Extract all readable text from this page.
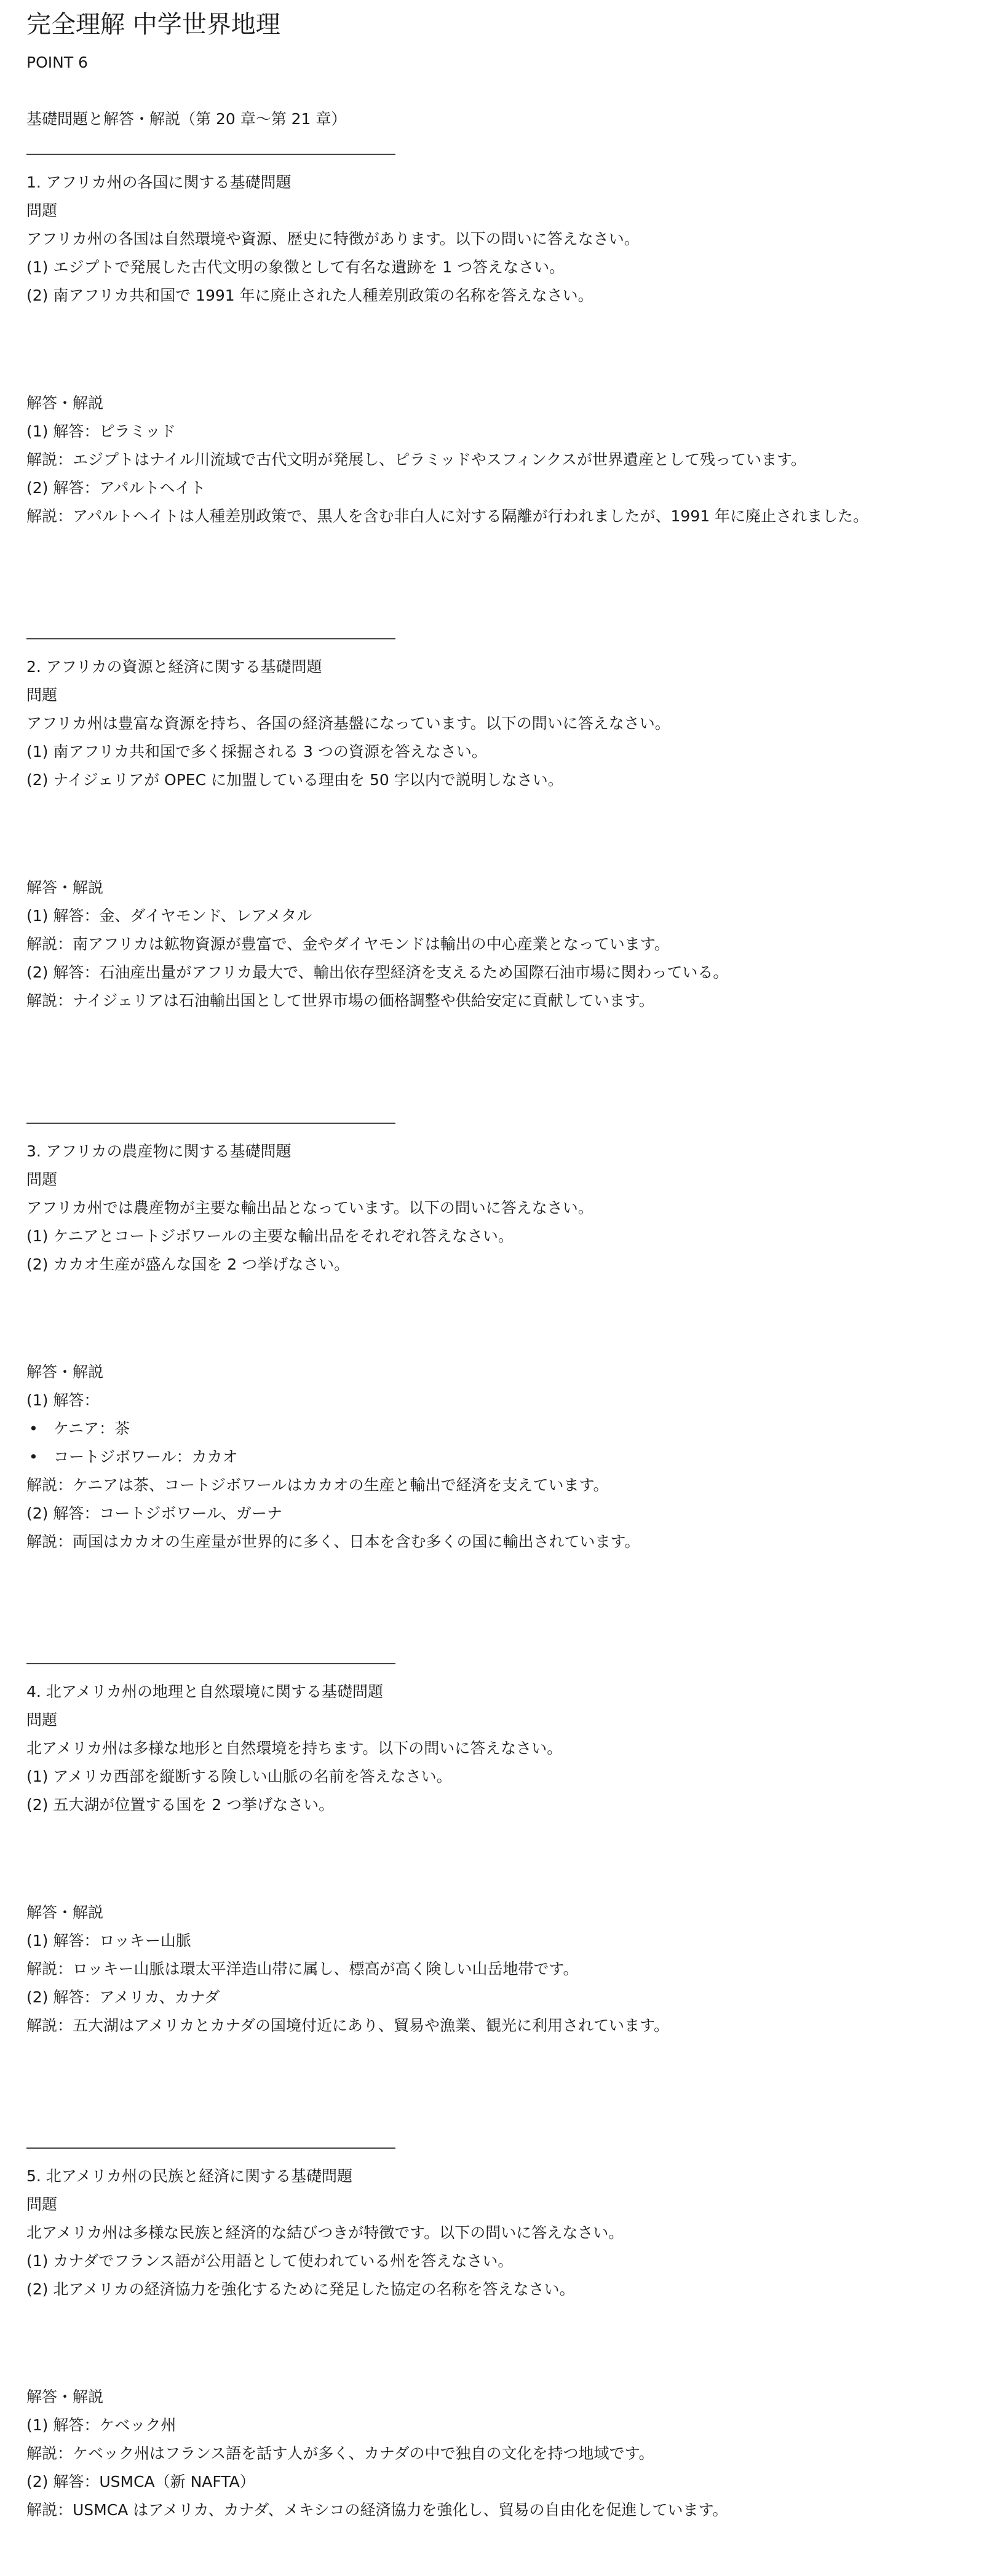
完全理解 中学世界地理
POINT 6
基礎問題と解答・解説（第 20 章〜第 21 章）
1. アフリカ州の各国に関する基礎問題
問題
アフリカ州の各国は自然環境や資源、歴史に特徴があります。以下の問いに答えなさい。
(1) エジプトで発展した古代文明の象徴として有名な遺跡を 1 つ答えなさい。
(2) 南アフリカ共和国で 1991 年に廃止された人種差別政策の名称を答えなさい。
解答・解説
(1) 解答：ピラミッド
解説：エジプトはナイル川流域で古代文明が発展し、ピラミッドやスフィンクスが世界遺産として残っています。
(2) 解答：アパルトヘイト
解説：アパルトヘイトは人種差別政策で、黒人を含む非白人に対する隔離が行われましたが、1991 年に廃止されました。
2. アフリカの資源と経済に関する基礎問題
問題
アフリカ州は豊富な資源を持ち、各国の経済基盤になっています。以下の問いに答えなさい。
(1) 南アフリカ共和国で多く採掘される 3 つの資源を答えなさい。
(2) ナイジェリアが OPEC に加盟している理由を 50 字以内で説明しなさい。
解答・解説
(1) 解答：金、ダイヤモンド、レアメタル
解説：南アフリカは鉱物資源が豊富で、金やダイヤモンドは輸出の中心産業となっています。
(2) 解答：石油産出量がアフリカ最大で、輸出依存型経済を支えるため国際石油市場に関わっている。
解説：ナイジェリアは石油輸出国として世界市場の価格調整や供給安定に貢献しています。
3. アフリカの農産物に関する基礎問題
問題
アフリカ州では農産物が主要な輸出品となっています。以下の問いに答えなさい。
(1) ケニアとコートジボワールの主要な輸出品をそれぞれ答えなさい。
(2) カカオ生産が盛んな国を 2 つ挙げなさい。
解答・解説
(1) 解答：
• ケニア：茶
• コートジボワール：カカオ
解説：ケニアは茶、コートジボワールはカカオの生産と輸出で経済を支えています。
(2) 解答：コートジボワール、ガーナ
解説：両国はカカオの生産量が世界的に多く、日本を含む多くの国に輸出されています。
4. 北アメリカ州の地理と自然環境に関する基礎問題
問題
北アメリカ州は多様な地形と自然環境を持ちます。以下の問いに答えなさい。
(1) アメリカ西部を縦断する険しい山脈の名前を答えなさい。
(2) 五大湖が位置する国を 2 つ挙げなさい。
解答・解説
(1) 解答：ロッキー山脈
解説：ロッキー山脈は環太平洋造山帯に属し、標高が高く険しい山岳地帯です。
(2) 解答：アメリカ、カナダ
解説：五大湖はアメリカとカナダの国境付近にあり、貿易や漁業、観光に利用されています。
5. 北アメリカ州の民族と経済に関する基礎問題
問題
北アメリカ州は多様な民族と経済的な結びつきが特徴です。以下の問いに答えなさい。
(1) カナダでフランス語が公用語として使われている州を答えなさい。
(2) 北アメリカの経済協力を強化するために発足した協定の名称を答えなさい。
解答・解説
(1) 解答：ケベック州
解説：ケベック州はフランス語を話す人が多く、カナダの中で独自の文化を持つ地域です。
(2) 解答：USMCA（新 NAFTA）
解説：USMCA はアメリカ、カナダ、メキシコの経済協力を強化し、貿易の自由化を促進しています。
